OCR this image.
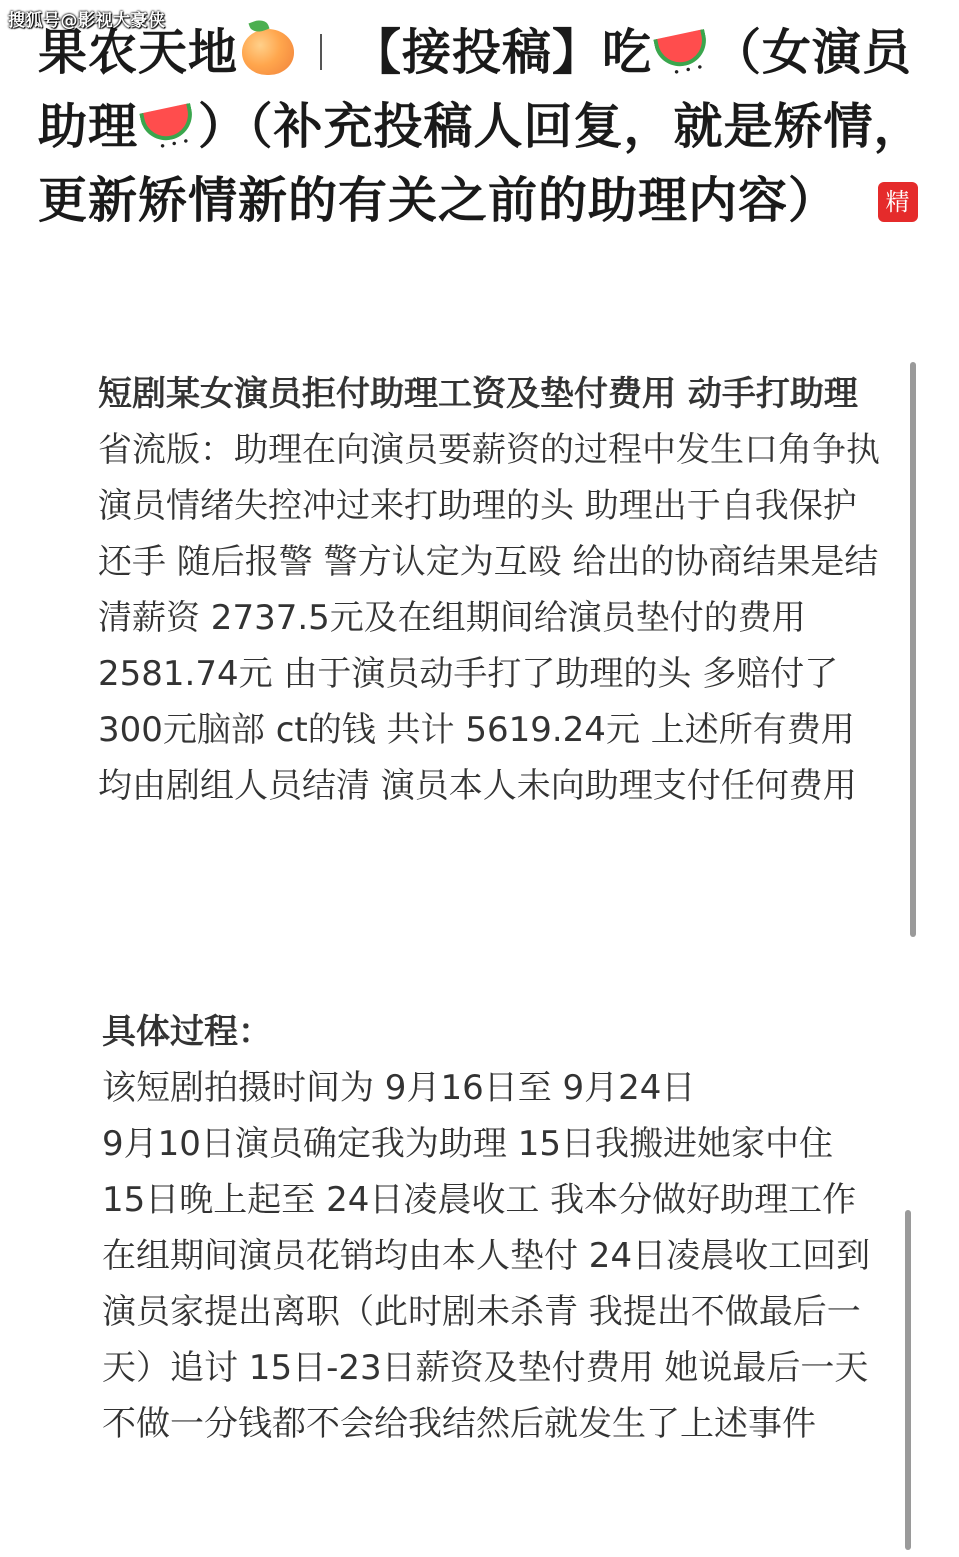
搜狐号@影视大豪侠
果农天地 【接投稿】吃 • • • （女演员助理 • • • ）（补充投稿人回复，就是矫情，更新矫情新的有关之前的助理内容） 精
短剧某女演员拒付助理工资及垫付费用 动手打助理
省流版：助理在向演员要薪资的过程中发生口角争执 演员情绪失控冲过来打助理的头 助理出于自我保护还手 随后报警 警方认定为互殴 给出的协商结果是结清薪资 2737.5元及在组期间给演员垫付的费用 2581.74元 由于演员动手打了助理的头 多赔付了 300元脑部 ct的钱 共计 5619.24元 上述所有费用均由剧组人员结清 演员本人未向助理支付任何费用
具体过程：
该短剧拍摄时间为 9月16日至 9月24日
9月10日演员确定我为助理 15日我搬进她家中住
15日晚上起至 24日凌晨收工 我本分做好助理工作 在组期间演员花销均由本人垫付 24日凌晨收工回到演员家提出离职（此时剧未杀青 我提出不做最后一天）追讨 15日-23日薪资及垫付费用 她说最后一天不做一分钱都不会给我结然后就发生了上述事件
